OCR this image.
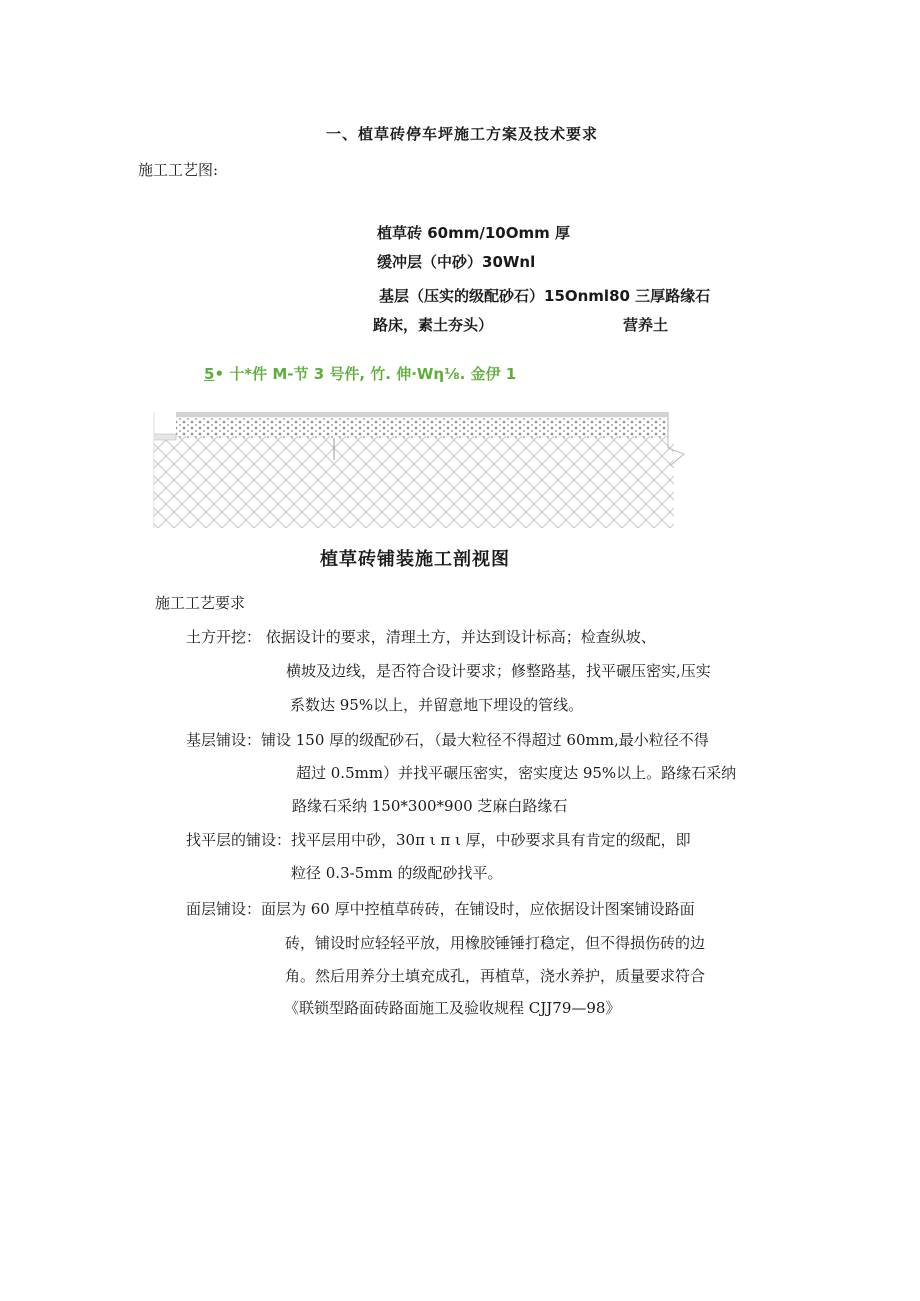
一、植草砖停车坪施工方案及技术要求
施工工艺图:
植草砖 60mm/10Omm 厚
缓冲层（中砂）30Wnl
基层（压实的级配砂石）15Onml80 三厚路缘石
路床，素土夯头）	营养土
5• 十*件 M-节 3 号件, 竹. 伸·Wη⅛. 金伊 1
植草砖铺装施工剖视图
施工工艺要求
土方开挖： 依据设计的要求，清理土方，并达到设计标高；检查纵坡、
横坡及边线，是否符合设计要求；修整路基，找平碾压密实,压实
系数达 95%以上，并留意地下埋设的管线。
基层铺设：铺设 150 厚的级配砂石，（最大粒径不得超过 60mm,最小粒径不得
超过 0.5mm）并找平碾压密实，密实度达 95%以上。路缘石采纳
路缘石采纳 150*300*900 芝麻白路缘石
找平层的铺设：找平层用中砂，30π ι π ι 厚，中砂要求具有肯定的级配，即
粒径 0.3-5mm 的级配砂找平。
面层铺设：面层为 60 厚中控植草砖砖，在铺设时，应依据设计图案铺设路面
砖，铺设时应轻轻平放，用橡胶锤锤打稳定，但不得损伤砖的边
角。然后用养分土填充成孔，再植草，浇水养护，质量要求符合
《联锁型路面砖路面施工及验收规程 CJJ79—98》
